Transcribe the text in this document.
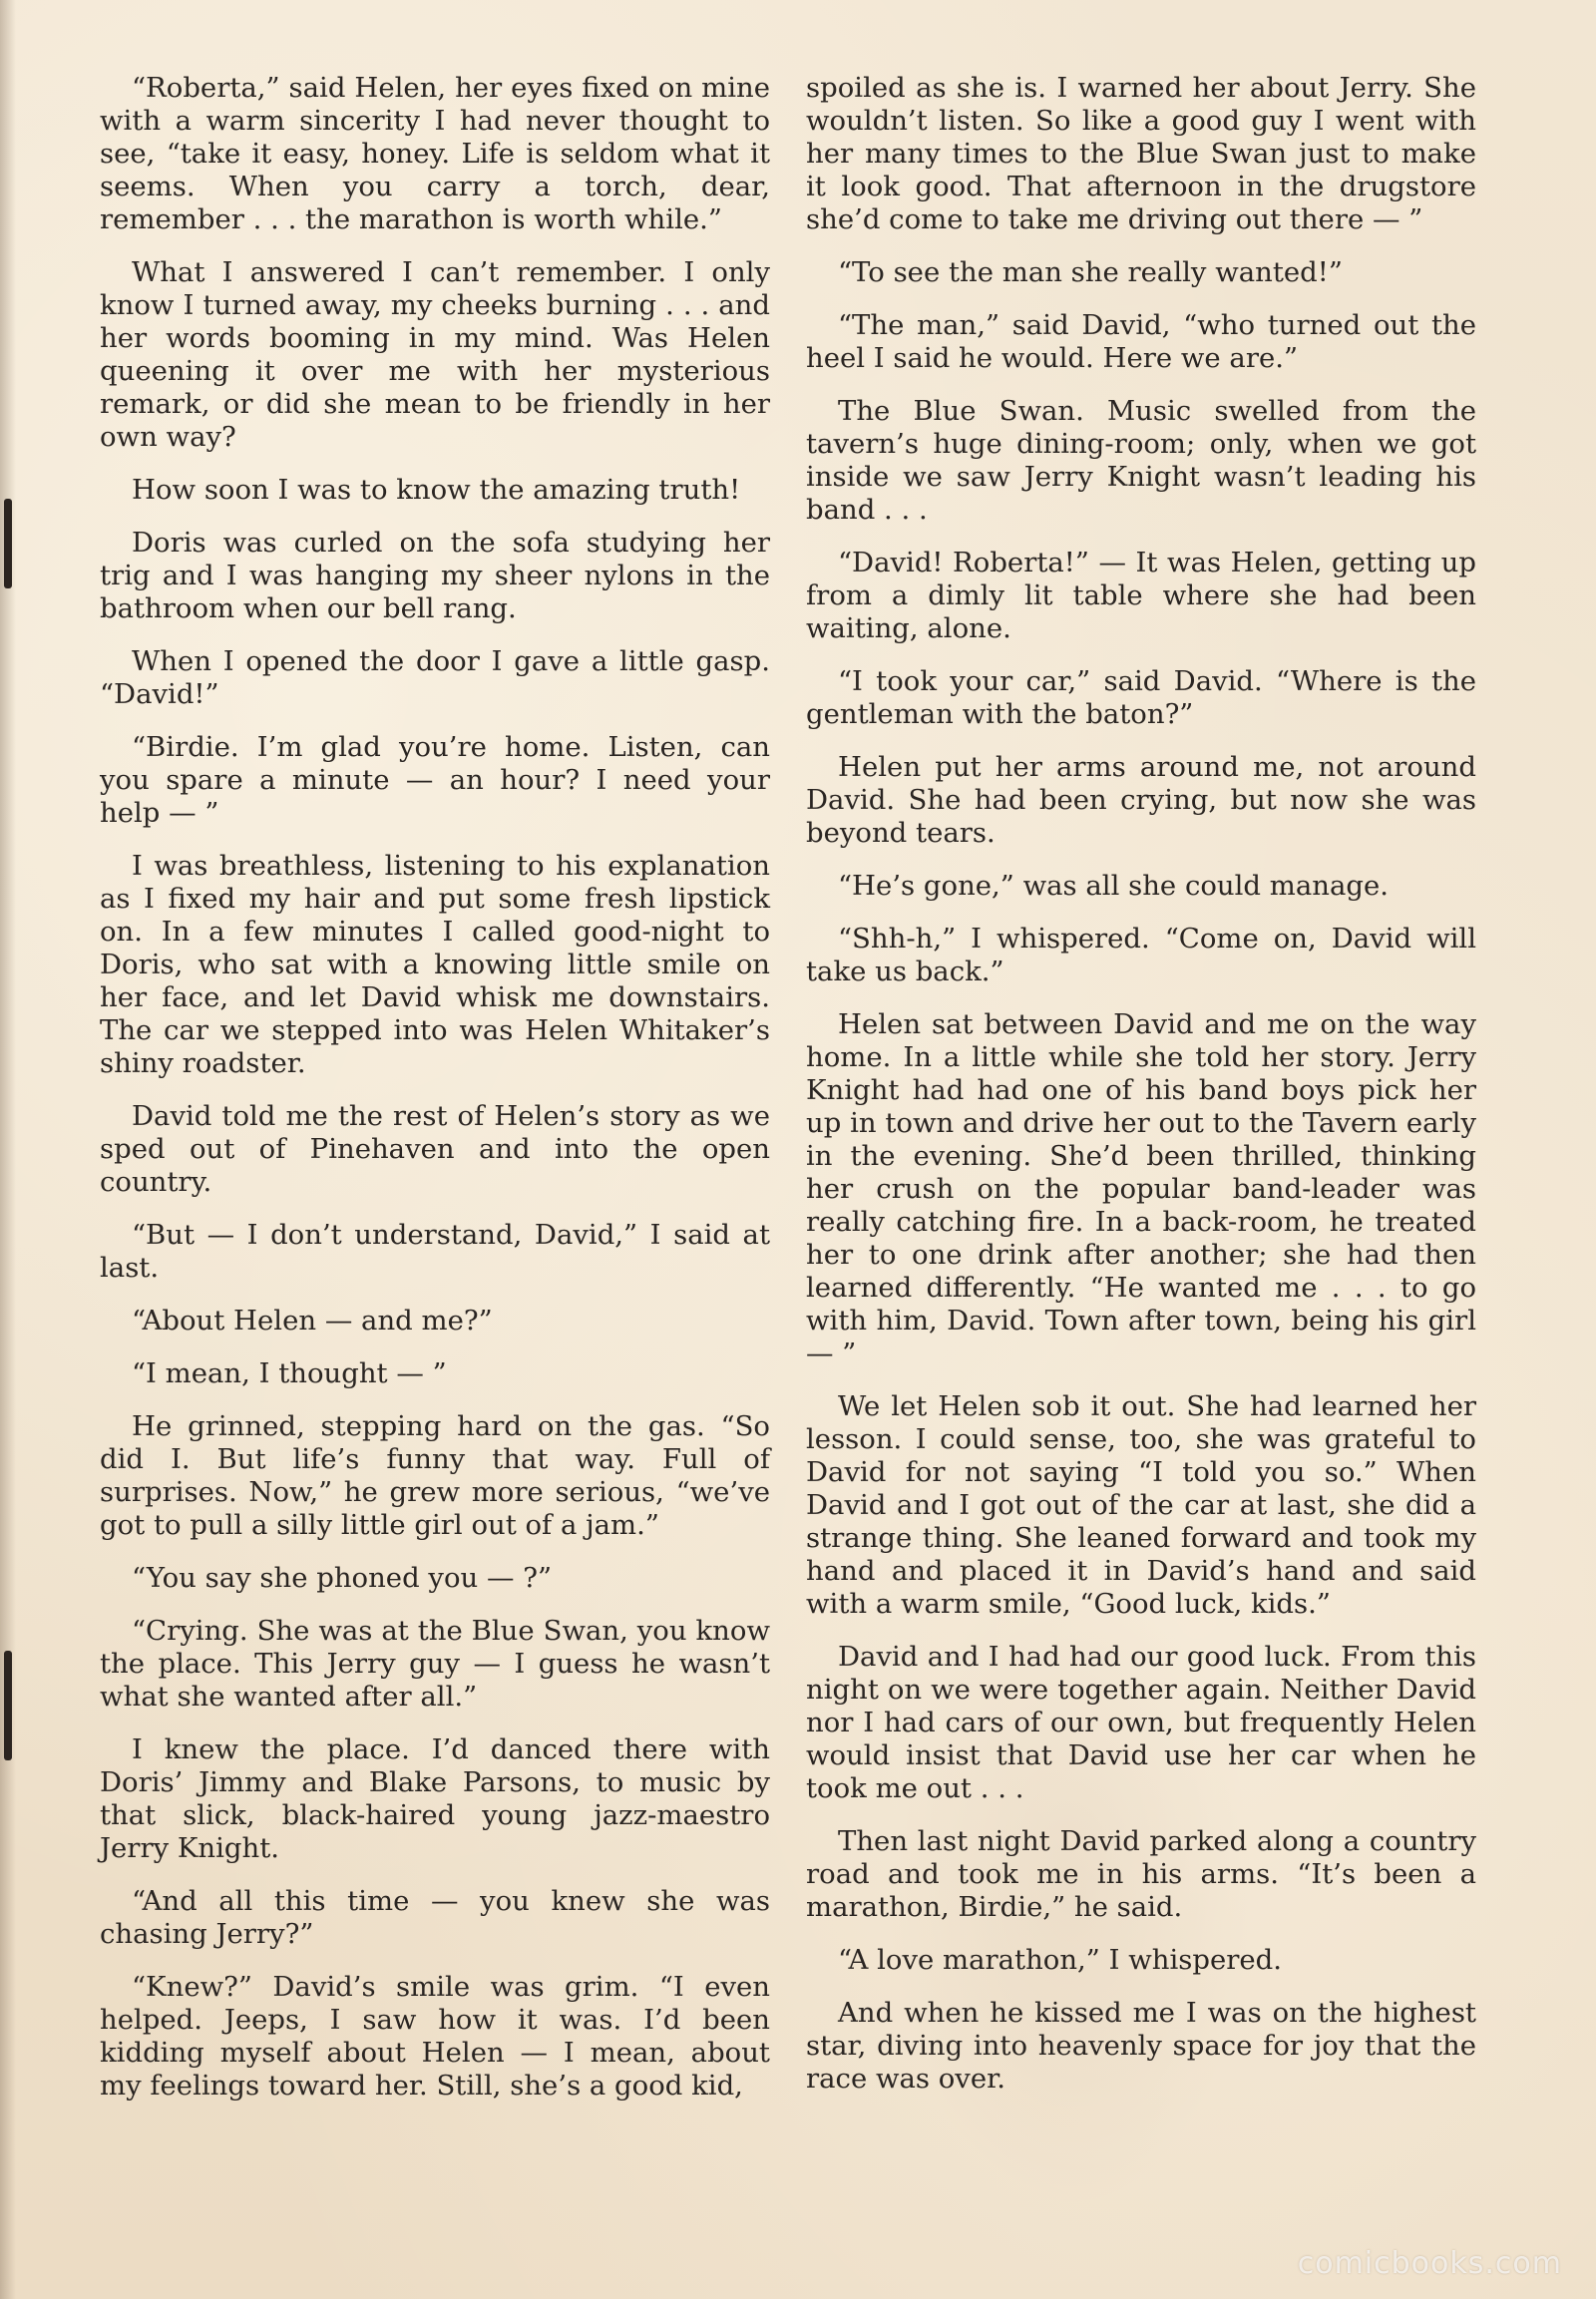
“Roberta,” said Helen, her eyes fixed on mine with a warm sincerity I had never thought to see, “take it easy, honey. Life is seldom what it seems. When you carry a torch, dear, remember . . . the marathon is worth while.”

What I answered I can’t remember. I only know I turned away, my cheeks burning . . . and her words booming in my mind. Was Helen queening it over me with her mysterious remark, or did she mean to be friendly in her own way?

How soon I was to know the amazing truth!

Doris was curled on the sofa studying her trig and I was hanging my sheer nylons in the bathroom when our bell rang.

When I opened the door I gave a little gasp. “David!”

“Birdie. I’m glad you’re home. Listen, can you spare a minute — an hour? I need your help — ”

I was breathless, listening to his explanation as I fixed my hair and put some fresh lipstick on. In a few minutes I called good-night to Doris, who sat with a knowing little smile on her face, and let David whisk me downstairs. The car we stepped into was Helen Whitaker’s shiny roadster.

David told me the rest of Helen’s story as we sped out of Pinehaven and into the open country.

“But — I don’t understand, David,” I said at last.

“About Helen — and me?”

“I mean, I thought — ”

He grinned, stepping hard on the gas. “So did I. But life’s funny that way. Full of surprises. Now,” he grew more serious, “we’ve got to pull a silly little girl out of a jam.”

“You say she phoned you — ?”

“Crying. She was at the Blue Swan, you know the place. This Jerry guy — I guess he wasn’t what she wanted after all.”

I knew the place. I’d danced there with Doris’ Jimmy and Blake Parsons, to music by that slick, black-haired young jazz-maestro Jerry Knight.

“And all this time — you knew she was chasing Jerry?”

“Knew?” David’s smile was grim. “I even helped. Jeeps, I saw how it was. I’d been kidding myself about Helen — I mean, about my feelings toward her. Still, she’s a good kid,

spoiled as she is. I warned her about Jerry. She wouldn’t listen. So like a good guy I went with her many times to the Blue Swan just to make it look good. That afternoon in the drugstore she’d come to take me driving out there — ”

“To see the man she really wanted!”

“The man,” said David, “who turned out the heel I said he would. Here we are.”

The Blue Swan. Music swelled from the tavern’s huge dining-room; only, when we got inside we saw Jerry Knight wasn’t leading his band . . .

“David! Roberta!” — It was Helen, getting up from a dimly lit table where she had been waiting, alone.

“I took your car,” said David. “Where is the gentleman with the baton?”

Helen put her arms around me, not around David. She had been crying, but now she was beyond tears.

“He’s gone,” was all she could manage.

“Shh-h,” I whispered. “Come on, David will take us back.”

Helen sat between David and me on the way home. In a little while she told her story. Jerry Knight had had one of his band boys pick her up in town and drive her out to the Tavern early in the evening. She’d been thrilled, thinking her crush on the popular band-leader was really catching fire. In a back-room, he treated her to one drink after another; she had then learned differently. “He wanted me . . . to go with him, David. Town after town, being his girl — ”

We let Helen sob it out. She had learned her lesson. I could sense, too, she was grateful to David for not saying “I told you so.” When David and I got out of the car at last, she did a strange thing. She leaned forward and took my hand and placed it in David’s hand and said with a warm smile, “Good luck, kids.”

David and I had had our good luck. From this night on we were together again. Neither David nor I had cars of our own, but frequently Helen would insist that David use her car when he took me out . . .

Then last night David parked along a country road and took me in his arms. “It’s been a marathon, Birdie,” he said.

“A love marathon,” I whispered.

And when he kissed me I was on the highest star, diving into heavenly space for joy that the race was over.

comicbooks.com
